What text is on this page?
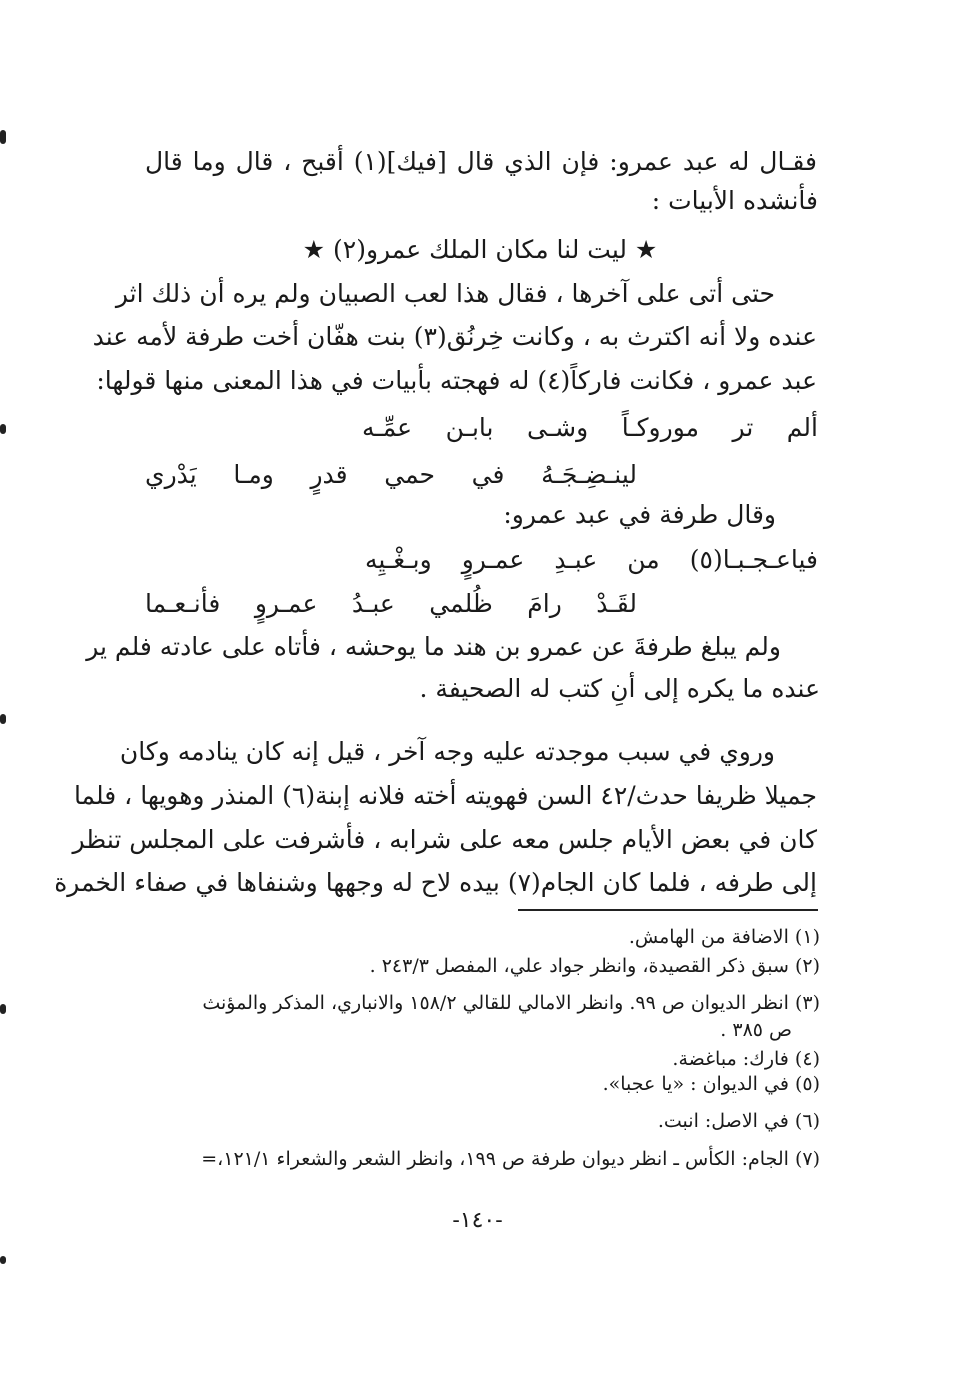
فقـال له عبد عمرو: فإن الذي قال [فيك](١) أقبح ، قال وما قال
فأنشده الأبيات :
★ ليت لنا مكان الملك عمرو(٢) ★
حتى أتى على آخرها ، فقال هذا لعب الصبيان ولم يره أن ذلك اثر
عنده ولا أنه اكترث به ، وكانت خِرنُق(٣) بنت هفّان أخت طرفة لأمه عند
عبد عمرو ، فكانت فاركاً(٤) له فهجته بأبيات في هذا المعنى منها قولها:
ألم تر موروكـاً وشـى بابـن عمِّـه
لينـضِـجَـهُ في حمي قدرٍ ومـا يَدْري
وقال طرفة في عبد عمرو:
فياعـجـبـا(٥) من عبـدِ عمـروٍ وبـغْـيِه
لقَـدْ رامَ ظُلمي عبـدُ عمـروٍ فأنـعـما
ولم يبلغ طرفةَ عن عمرو بن هند ما يوحشه ، فأتاه على عادته فلم ير
عنده ما يكره إلى أنِ كتب له الصحيفة .
وروي في سبب موجدته عليه وجه آخر ، قيل إنه كان ينادمه وكان
جميلا ظريفا حدث/٤٢ السن فهويته أخته فلانه إبنة(٦) المنذر وهويها ، فلما
كان في بعض الأيام جلس معه على شرابه ، فأشرفت على المجلس تنظر
إلى طرفه ، فلما كان الجام(٧) بيده لاح له وجهها وشنفاها في صفاء الخمرة
(١) الاضافة من الهامش.
(٢) سبق ذكر القصيدة، وانظر جواد علي، المفصل ٢٤٣/٣ .
(٣) انظر الديوان ص ٩٩. وانظر الامالي للقالي ١٥٨/٢ والانباري، المذكر والمؤنث
ص ٣٨٥ .
(٤) فارك: مباغضة.
(٥) في الديوان : «يا عجبا».
(٦) في الاصل: انبت.
(٧) الجام: الكأس ـ انظر ديوان طرفة ص ١٩٩، وانظر الشعر والشعراء ١٢١/١،=
-١٤٠-
